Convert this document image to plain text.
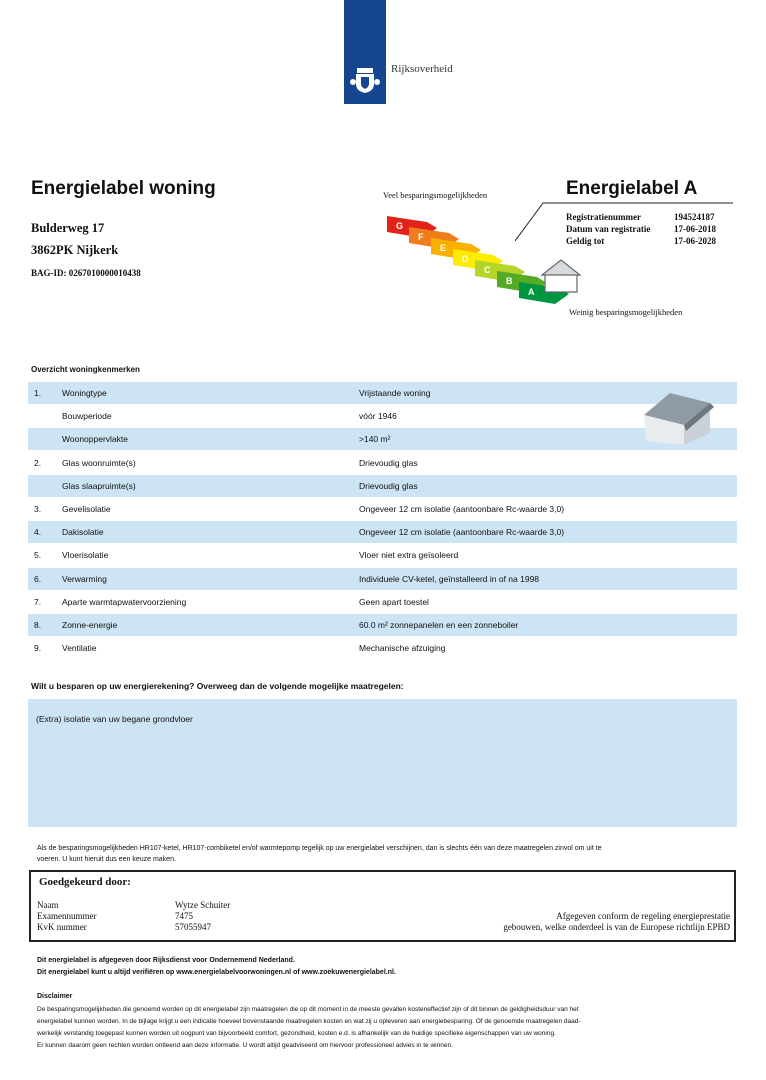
Rijksoverheid
Energielabel woning
Bulderweg 17
3862PK Nijkerk
BAG-ID: 0267010000010438
Veel besparingsmogelijkheden
G
F
E
D
C
B
A
Weinig besparingsmogelijkheden
Energielabel A
Registratienummer	194524187
Datum van registratie	17-06-2018
Geldig tot	17-06-2028
Overzicht woningkenmerken
1. Woningtype	Vrijstaande woning
Bouwperiode	vóór 1946
Woonoppervlakte	>140 m²
2. Glas woonruimte(s)	Drievoudig glas
Glas slaapruimte(s)	Drievoudig glas
3. Gevelisolatie	Ongeveer 12 cm isolatie (aantoonbare Rc-waarde 3,0)
4. Dakisolatie	Ongeveer 12 cm isolatie (aantoonbare Rc-waarde 3,0)
5. Vloerisolatie	Vloer niet extra geïsoleerd
6. Verwarming	Individuele CV-ketel, geïnstalleerd in of na 1998
7. Aparte warmtapwatervoorziening	Geen apart toestel
8. Zonne-energie	60.0 m² zonnepanelen en een zonneboiler
9. Ventilatie	Mechanische afzuiging
Wilt u besparen op uw energierekening? Overweeg dan de volgende mogelijke maatregelen:
(Extra) isolatie van uw begane grondvloer
Als de besparingsmogelijkheden HR107-ketel, HR107-combiketel en/of warmtepomp tegelijk op uw energielabel verschijnen, dan is slechts één van deze maatregelen zinvol om uit te
voeren. U kunt hieruit dus een keuze maken.
Goedgekeurd door:
Naam	Wytze Schuiter
Examennummer	7475
KvK nummer	57055947
Afgegeven conform de regeling energieprestatie
gebouwen, welke onderdeel is van de Europese richtlijn EPBD
Dit energielabel is afgegeven door Rijksdienst voor Ondernemend Nederland.
Dit energielabel kunt u altijd verifiëren op www.energielabelvoorwoningen.nl of www.zoekuwenergielabel.nl.
Disclaimer
De besparingsmogelijkheden die genoemd worden op dit energielabel zijn maatregelen die op dit moment in de meeste gevallen kosteneffectief zijn of dit binnen de geldigheidsduur van het
energielabel kunnen worden. In de bijlage krijgt u een indicatie hoeveel bovenstaande maatregelen kosten en wat zij u opleveren aan energiebesparing. Of de genoemde maatregelen daad-
werkelijk verstandig toegepast kunnen worden uit oogpunt van bijvoorbeeld comfort, gezondheid, kosten e.d. is afhankelijk van de huidige specifieke eigenschappen van uw woning.
Er kunnen daarom geen rechten worden ontleend aan deze informatie. U wordt altijd geadviseerd om hiervoor professioneel advies in te winnen.
